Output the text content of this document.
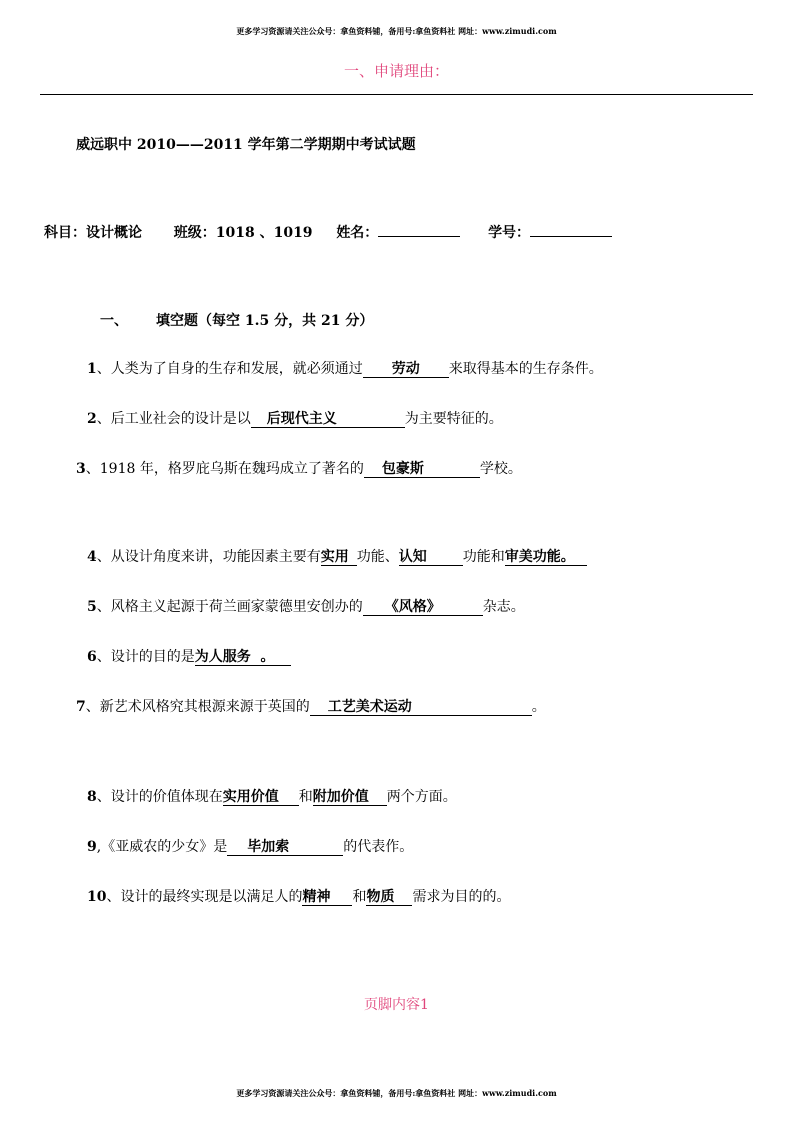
更多学习资源请关注公众号：拿鱼资料铺，备用号:拿鱼资料社 网址：www.zimudi.com
一、申请理由：
威远职中 2010——2011 学年第二学期期中考试试题
科目：设计概论 班级：1018 、1019 姓名：	学号：
一、 填空题（每空 1.5 分，共 21 分）
1、人类为了自身的生存和发展，就必须通过 劳动 来取得基本的生存条件。
2、后工业社会的设计是以 后现代主义	为主要特征的。
3、1918 年，格罗庇乌斯在魏玛成立了著名的 包豪斯	学校。
4、从设计角度来讲，功能因素主要有实用 功能、认知	功能和审美功能。
5、风格主义起源于荷兰画家蒙德里安创办的 《风格》	杂志。
6、设计的目的是为人服务  。
7、新艺术风格究其根源来源于英国的 工艺美术运动	。
8、设计的价值体现在实用价值 和附加价值 两个方面。
9,《亚威农的少女》是 毕加索	的代表作。
10、设计的最终实现是以满足人的精神 和物质 需求为目的的。
页脚内容1
更多学习资源请关注公众号：拿鱼资料铺，备用号:拿鱼资料社 网址：www.zimudi.com
